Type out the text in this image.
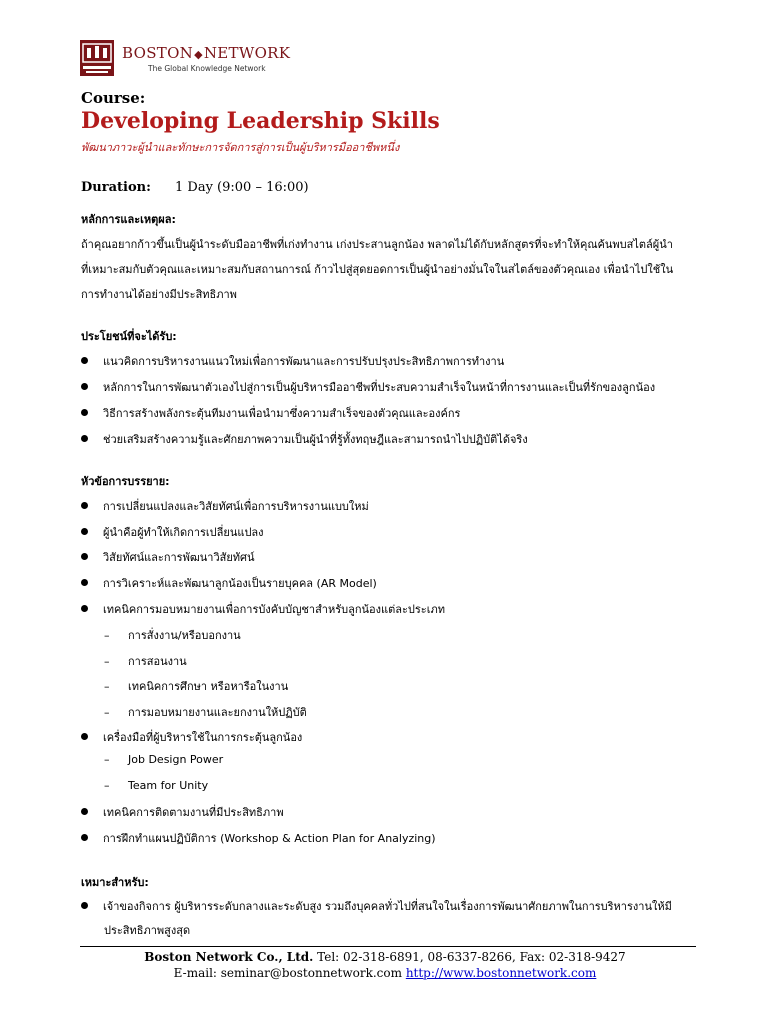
BOSTON◆NETWORK
The Global Knowledge Network
Course:
Developing Leadership Skills
พัฒนาภาวะผู้นำและทักษะการจัดการสู่การเป็นผู้บริหารมืออาชีพหนึ่ง
Duration: 1 Day (9:00 – 16:00)
หลักการและเหตุผล:
ถ้าคุณอยากก้าวขึ้นเป็นผู้นำระดับมืออาชีพที่เก่งทำงาน เก่งประสานลูกน้อง พลาดไม่ได้กับหลักสูตรที่จะทำให้คุณค้นพบสไตล์ผู้นำ
ที่เหมาะสมกับตัวคุณและเหมาะสมกับสถานการณ์ ก้าวไปสู่สุดยอดการเป็นผู้นำอย่างมั่นใจในสไตล์ของตัวคุณเอง เพื่อนำไปใช้ใน
การทำงานได้อย่างมีประสิทธิภาพ
ประโยชน์ที่จะได้รับ:
แนวคิดการบริหารงานแนวใหม่เพื่อการพัฒนาและการปรับปรุงประสิทธิภาพการทำงาน
หลักการในการพัฒนาตัวเองไปสู่การเป็นผู้บริหารมืออาชีพที่ประสบความสำเร็จในหน้าที่การงานและเป็นที่รักของลูกน้อง
วิธีการสร้างพลังกระตุ้นทีมงานเพื่อนำมาซึ่งความสำเร็จของตัวคุณและองค์กร
ช่วยเสริมสร้างความรู้และศักยภาพความเป็นผู้นำที่รู้ทั้งทฤษฎีและสามารถนำไปปฏิบัติได้จริง
หัวข้อการบรรยาย:
การเปลี่ยนแปลงและวิสัยทัศน์เพื่อการบริหารงานแบบใหม่
ผู้นำคือผู้ทำให้เกิดการเปลี่ยนแปลง
วิสัยทัศน์และการพัฒนาวิสัยทัศน์
การวิเคราะห์และพัฒนาลูกน้องเป็นรายบุคคล (AR Model)
เทคนิคการมอบหมายงานเพื่อการบังคับบัญชาสำหรับลูกน้องแต่ละประเภท
– การสั่งงาน/หรือบอกงาน
– การสอนงาน
– เทคนิคการศึกษา หรือหารือในงาน
– การมอบหมายงานและยกงานให้ปฏิบัติ
เครื่องมือที่ผู้บริหารใช้ในการกระตุ้นลูกน้อง
– Job Design Power
– Team for Unity
เทคนิคการติดตามงานที่มีประสิทธิภาพ
การฝึกทำแผนปฏิบัติการ (Workshop & Action Plan for Analyzing)
เหมาะสำหรับ:
เจ้าของกิจการ ผู้บริหารระดับกลางและระดับสูง รวมถึงบุคคลทั่วไปที่สนใจในเรื่องการพัฒนาศักยภาพในการบริหารงานให้มี
ประสิทธิภาพสูงสุด
Boston Network Co., Ltd. Tel: 02-318-6891, 08-6337-8266, Fax: 02-318-9427
E-mail: seminar@bostonnetwork.com http://www.bostonnetwork.com
